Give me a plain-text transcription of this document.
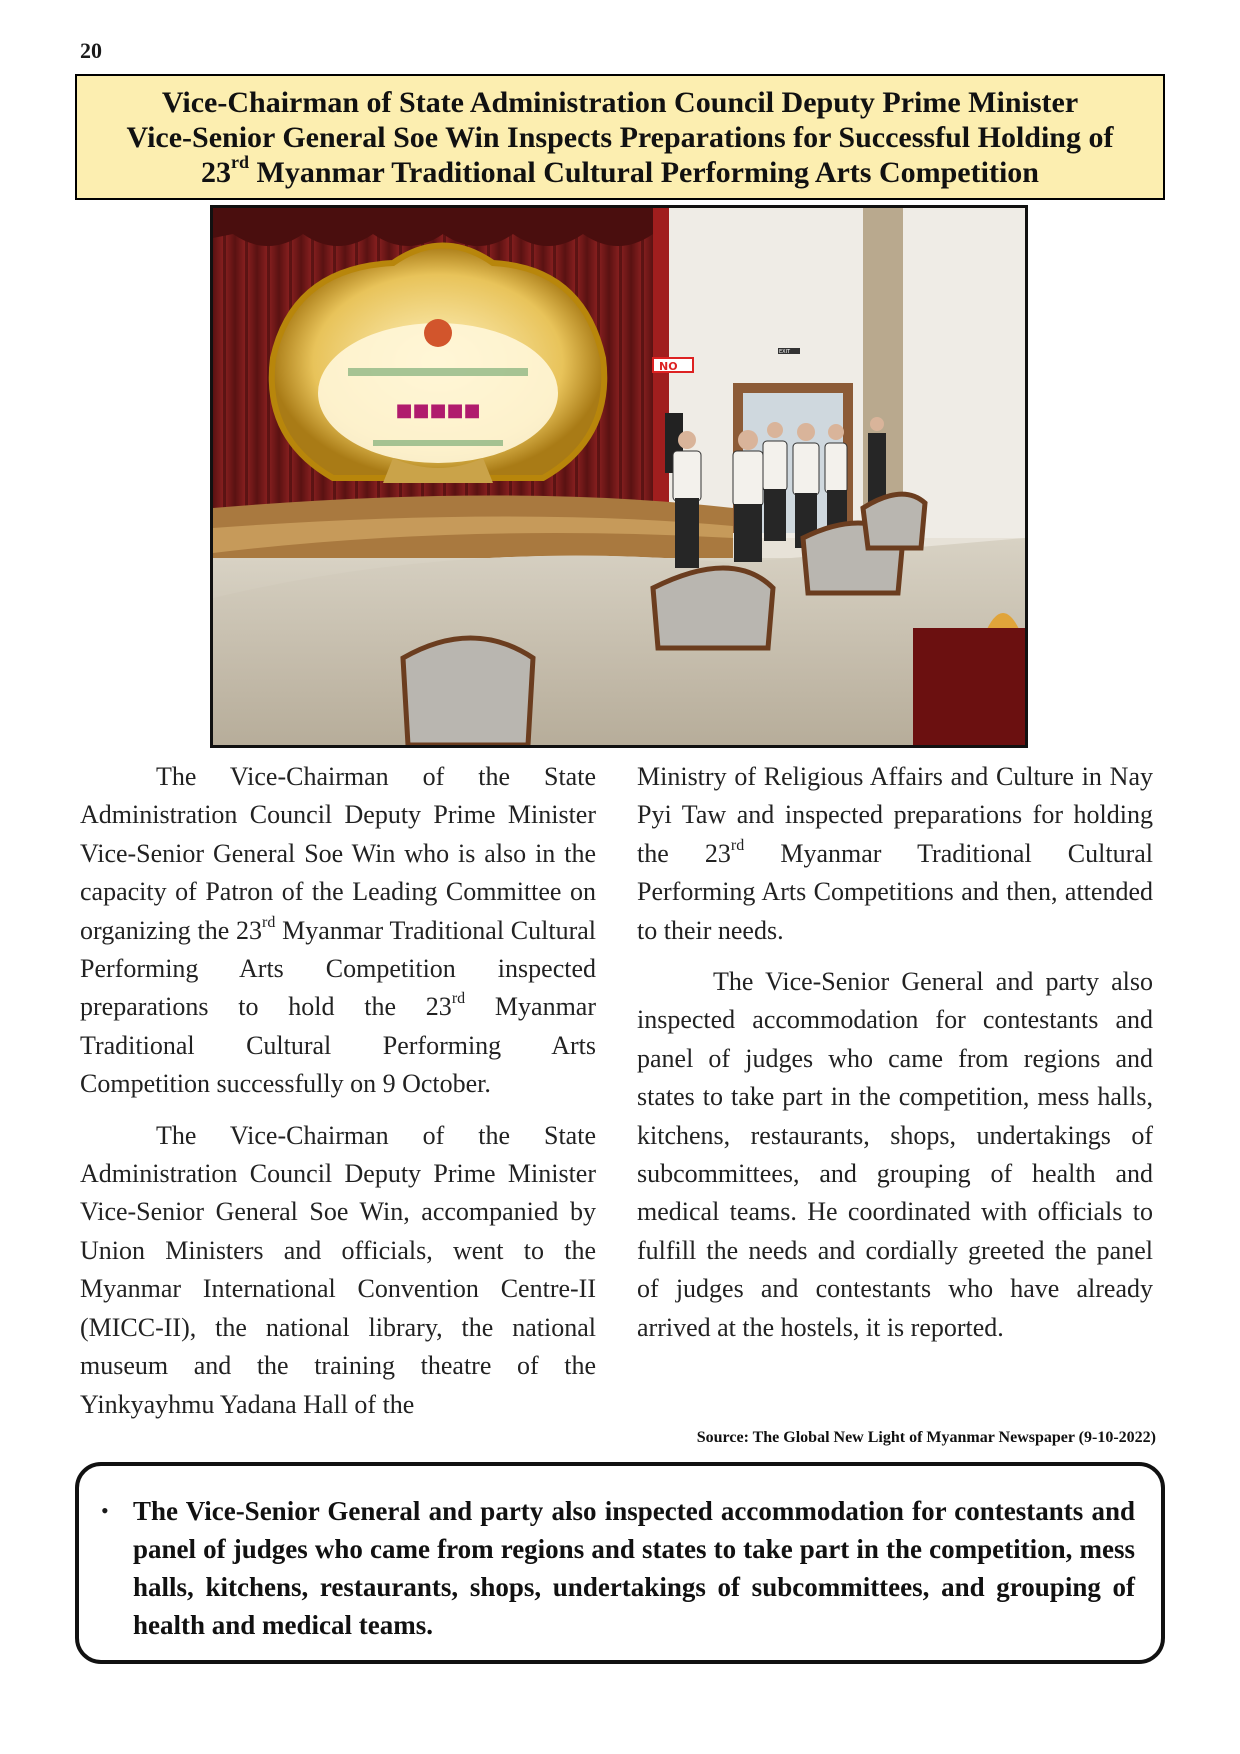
20
Vice-Chairman of State Administration Council Deputy Prime Minister
Vice-Senior General Soe Win Inspects Preparations for Successful Holding of
23rd Myanmar Traditional Cultural Performing Arts Competition
■■■■■
NO
EXIT

The Vice-Chairman of the State Administration Council Deputy Prime Minister Vice-Senior General Soe Win who is also in the capacity of Patron of the Leading Committee on organizing the 23rd Myanmar Traditional Cultural Performing Arts Competition inspected preparations to hold the 23rd Myanmar Traditional Cultural Performing Arts Competition successfully on 9 October.

The Vice-Chairman of the State Administration Council Deputy Prime Minister Vice-Senior General Soe Win, accompanied by Union Ministers and officials, went to the Myanmar International Convention Centre-II (MICC-II), the national library, the national museum and the training theatre of the Yinkyayhmu Yadana Hall of the

Ministry of Religious Affairs and Culture in Nay Pyi Taw and inspected preparations for holding the 23rd Myanmar Traditional Cultural Performing Arts Competitions and then, attended to their needs.

The Vice-Senior General and party also inspected accommodation for contestants and panel of judges who came from regions and states to take part in the competition, mess halls, kitchens, restaurants, shops, undertakings of subcommittees, and grouping of health and medical teams. He coordinated with officials to fulfill the needs and cordially greeted the panel of judges and contestants who have already arrived at the hostels, it is reported.

Source: The Global New Light of Myanmar Newspaper (9-10-2022)
• The Vice-Senior General and party also inspected accommodation for contestants and panel of judges who came from regions and states to take part in the competition, mess halls, kitchens, restaurants, shops, undertakings of subcommittees, and grouping of health and medical teams.
